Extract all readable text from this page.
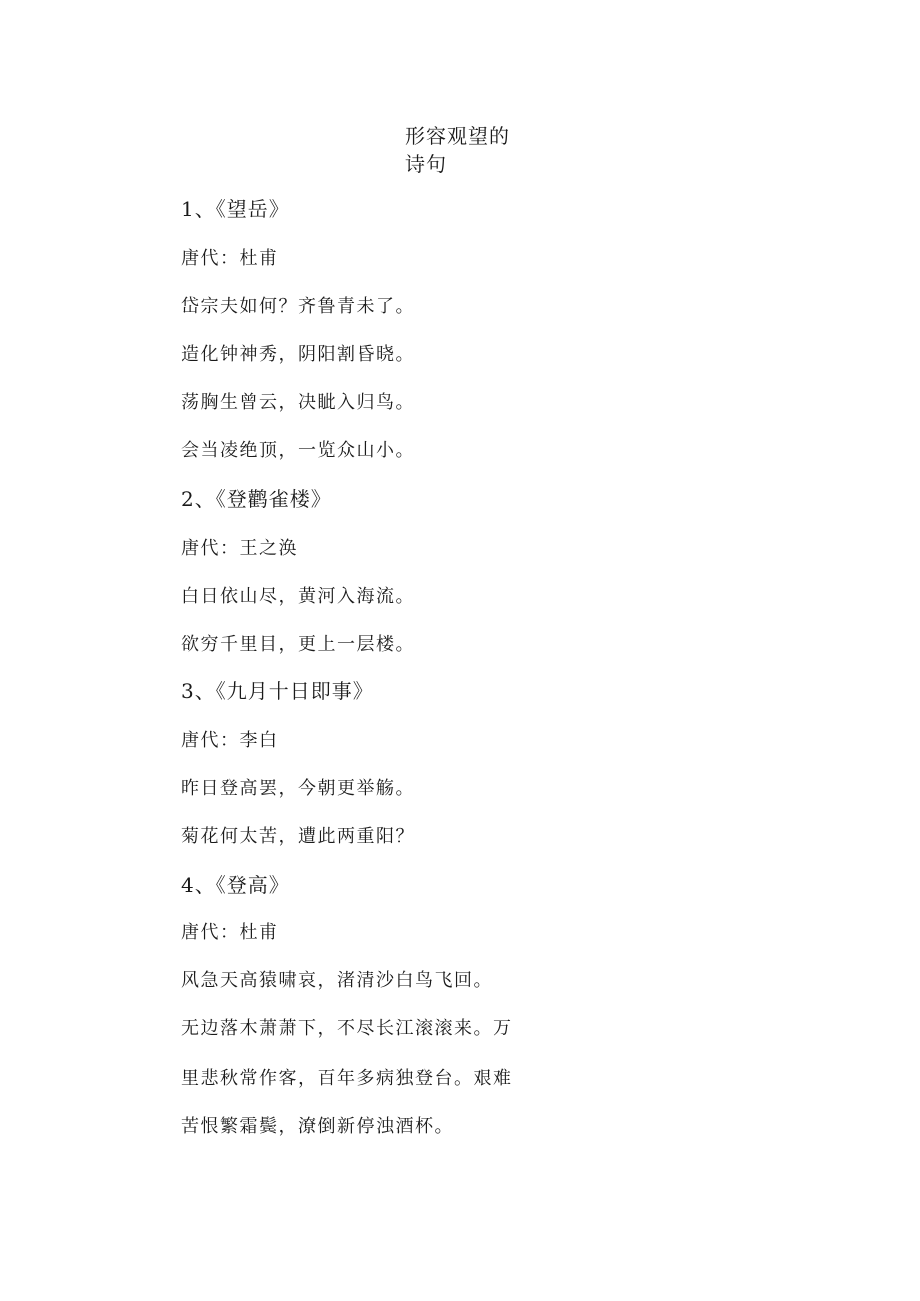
形容观望的
诗句
1、《望岳》
唐代：杜甫
岱宗夫如何？齐鲁青未了。
造化钟神秀，阴阳割昏晓。
荡胸生曾云，决眦入归鸟。
会当凌绝顶，一览众山小。
2、《登鹳雀楼》
唐代：王之涣
白日依山尽，黄河入海流。
欲穷千里目，更上一层楼。
3、《九月十日即事》
唐代：李白
昨日登高罢，今朝更举觞。
菊花何太苦，遭此两重阳？
4、《登高》
唐代：杜甫
风急天高猿啸哀，渚清沙白鸟飞回。
无边落木萧萧下，不尽长江滚滚来。万
里悲秋常作客，百年多病独登台。艰难
苦恨繁霜鬓，潦倒新停浊酒杯。
